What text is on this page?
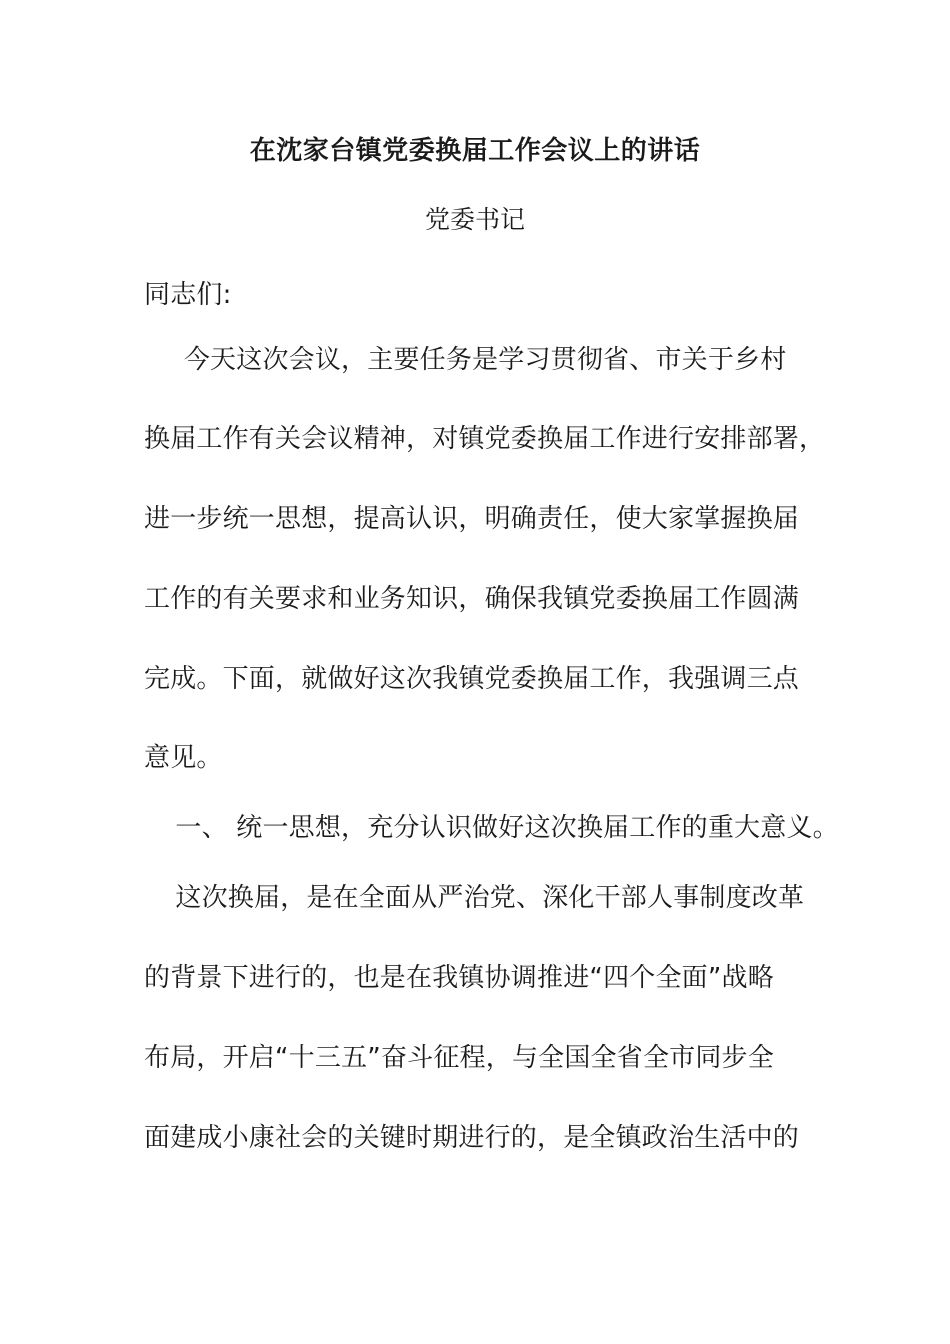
在沈家台镇党委换届工作会议上的讲话
党委书记
同志们:
今天这次会议，主要任务是学习贯彻省、市关于乡村
换届工作有关会议精神，对镇党委换届工作进行安排部署，
进一步统一思想，提高认识，明确责任，使大家掌握换届
工作的有关要求和业务知识，确保我镇党委换届工作圆满
完成。下面，就做好这次我镇党委换届工作，我强调三点
意见。
一、 统一思想，充分认识做好这次换届工作的重大意义。
这次换届，是在全面从严治党、深化干部人事制度改革
的背景下进行的，也是在我镇协调推进“四个全面”战略
布局，开启“十三五”奋斗征程，与全国全省全市同步全
面建成小康社会的关键时期进行的，是全镇政治生活中的
